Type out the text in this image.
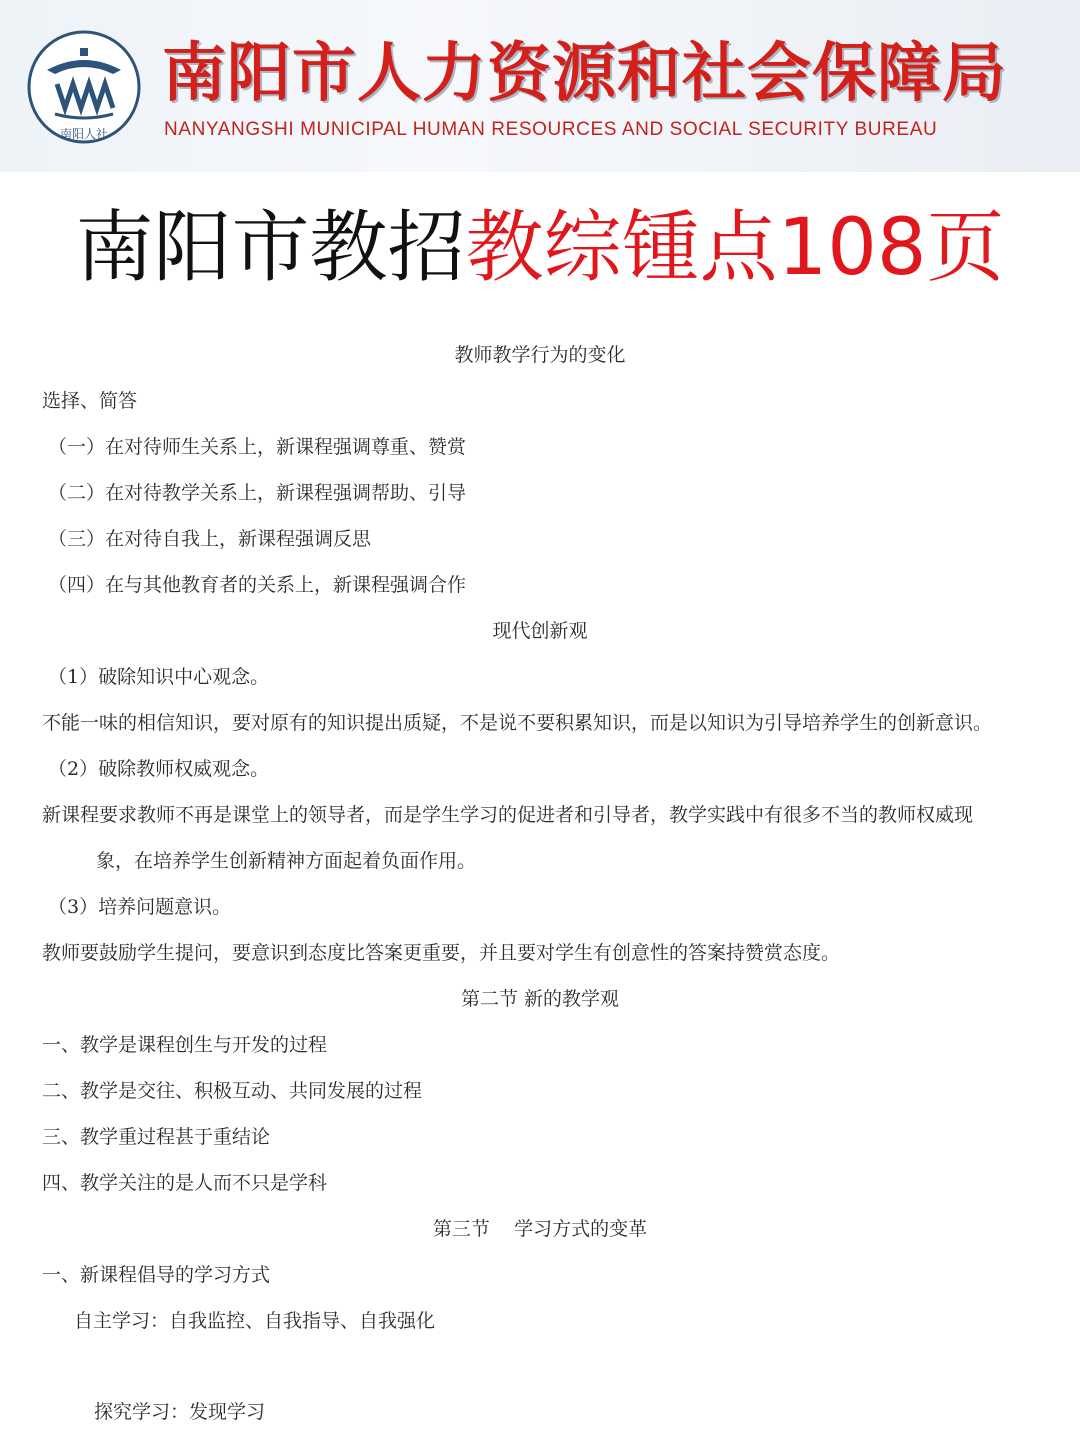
南阳人社
南阳市人力资源和社会保障局
NANYANGSHI MUNICIPAL HUMAN RESOURCES AND SOCIAL SECURITY BUREAU
南阳市教招教综锺点108页
教师教学行为的变化
选择、简答
（一）在对待师生关系上，新课程强调尊重、赞赏
（二）在对待教学关系上，新课程强调帮助、引导
（三）在对待自我上，新课程强调反思
（四）在与其他教育者的关系上，新课程强调合作
现代创新观
（1）破除知识中心观念。
不能一味的相信知识，要对原有的知识提出质疑，不是说不要积累知识，而是以知识为引导培养学生的创新意识。
（2）破除教师权威观念。
新课程要求教师不再是课堂上的领导者，而是学生学习的促进者和引导者，教学实践中有很多不当的教师权威现
象，在培养学生创新精神方面起着负面作用。
（3）培养问题意识。
教师要鼓励学生提问，要意识到态度比答案更重要，并且要对学生有创意性的答案持赞赏态度。
第二节 新的教学观
一、教学是课程创生与开发的过程
二、教学是交往、积极互动、共同发展的过程
三、教学重过程甚于重结论
四、教学关注的是人而不只是学科
第三节    学习方式的变革
一、新课程倡导的学习方式
自主学习：自我监控、自我指导、自我强化
探究学习：发现学习
